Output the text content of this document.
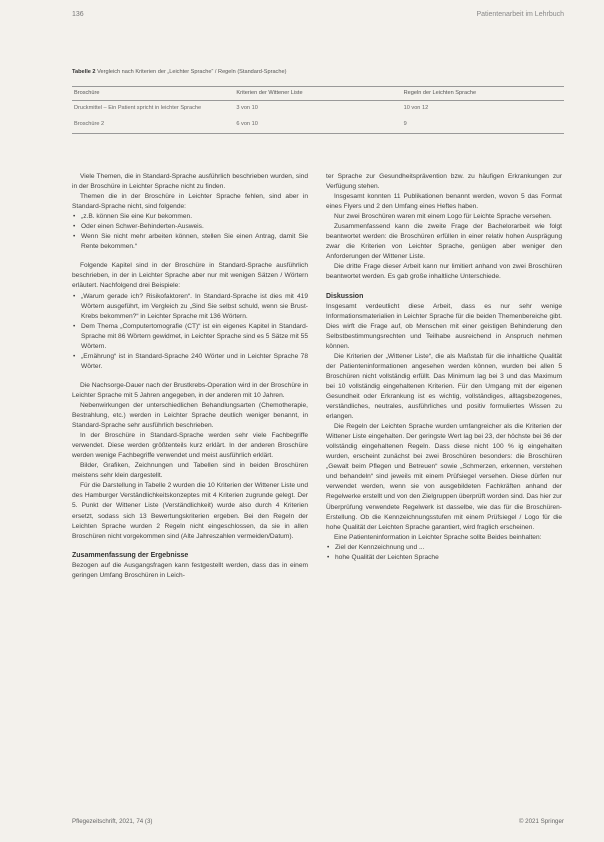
136	Patientenarbeit im Lehrbuch
Tabelle 2 Vergleich nach Kriterien der „Leichter Sprache“ / Regeln (Standard-Sprache)
Broschüre	Kriterien der Wittener Liste	Regeln der Leichten Sprache
Druckmittel – Ein Patient spricht in leichter Sprache	3 von 10	10 von 12
Broschüre 2	6 von 10	9

Viele Themen, die in Standard-Sprache ausführlich beschrieben wurden, sind in der Broschüre in Leichter Sprache nicht zu finden.

Themen die in der Broschüre in Leichter Sprache fehlen, sind aber in Standard-Sprache nicht, sind folgende:

• „z.B. können Sie eine Kur bekommen.
• Oder einen Schwer-Behinderten-Ausweis.
• Wenn Sie nicht mehr arbeiten können, stellen Sie einen Antrag, damit Sie Rente bekommen.“

Folgende Kapitel sind in der Broschüre in Standard-Sprache ausführlich beschrieben, in der in Leichter Sprache aber nur mit wenigen Sätzen / Wörtern erläutert. Nachfolgend drei Beispiele:

• „Warum gerade ich? Risikofaktoren“. In Standard-Sprache ist dies mit 419 Wörtern ausgeführt, im Vergleich zu „Sind Sie selbst schuld, wenn sie Brust-Krebs bekommen?“ in Leichter Sprache mit 136 Wörtern.
• Dem Thema „Computertomografie (CT)“ ist ein eigenes Kapitel in Standard-Sprache mit 86 Wörtern gewidmet, in Leichter Sprache sind es 5 Sätze mit 55 Wörtern.
• „Ernährung“ ist in Standard-Sprache 240 Wörter und in Leichter Sprache 78 Wörter.

Die Nachsorge-Dauer nach der Brustkrebs-Operation wird in der Broschüre in Leichter Sprache mit 5 Jahren angegeben, in der anderen mit 10 Jahren.

Nebenwirkungen der unterschiedlichen Behandlungsarten (Chemotherapie, Bestrahlung, etc.) werden in Leichter Sprache deutlich weniger benannt, in Standard-Sprache sehr ausführlich beschrieben.

In der Broschüre in Standard-Sprache werden sehr viele Fachbegriffe verwendet. Diese werden größtenteils kurz erklärt. In der anderen Broschüre werden wenige Fachbegriffe verwendet und meist ausführlich erklärt.

Bilder, Grafiken, Zeichnungen und Tabellen sind in beiden Broschüren meistens sehr klein dargestellt.

Für die Darstellung in Tabelle 2 wurden die 10 Kriterien der Wittener Liste und des Hamburger Verständlichkeitskonzeptes mit 4 Kriterien zugrunde gelegt. Der 5. Punkt der Wittener Liste (Verständlichkeit) wurde also durch 4 Kriterien ersetzt, sodass sich 13 Bewertungskriterien ergeben. Bei den Regeln der Leichten Sprache wurden 2 Regeln nicht eingeschlossen, da sie in allen Broschüren nicht vorgekommen sind (Alte Jahreszahlen vermeiden/Datum).

Zusammenfassung der Ergebnisse

Bezogen auf die Ausgangsfragen kann festgestellt werden, dass das in einem geringen Umfang Broschüren in Leich-

ter Sprache zur Gesundheitsprävention bzw. zu häufigen Erkrankungen zur Verfügung stehen.

Insgesamt konnten 11 Publikationen benannt werden, wovon 5 das Format eines Flyers und 2 den Umfang eines Heftes haben.

Nur zwei Broschüren waren mit einem Logo für Leichte Sprache versehen.

Zusammenfassend kann die zweite Frage der Bachelorarbeit wie folgt beantwortet werden: die Broschüren erfüllen in einer relativ hohen Ausprägung zwar die Kriterien von Leichter Sprache, genügen aber weniger den Anforderungen der Wittener Liste.

Die dritte Frage dieser Arbeit kann nur limitiert anhand von zwei Broschüren beantwortet werden. Es gab große inhaltliche Unterschiede.

Diskussion

Insgesamt verdeutlicht diese Arbeit, dass es nur sehr wenige Informationsmaterialien in Leichter Sprache für die beiden Themenbereiche gibt. Dies wirft die Frage auf, ob Menschen mit einer geistigen Behinderung den Selbstbestimmungsrechten und Teilhabe ausreichend in Anspruch nehmen können.

Die Kriterien der „Wittener Liste“, die als Maßstab für die inhaltliche Qualität der Patienteninformationen angesehen werden können, wurden bei allen 5 Broschüren nicht vollständig erfüllt. Das Minimum lag bei 3 und das Maximum bei 10 vollständig eingehaltenen Kriterien. Für den Umgang mit der eigenen Gesundheit oder Erkrankung ist es wichtig, vollständiges, alltagsbezogenes, verständliches, neutrales, ausführliches und positiv formuliertes Wissen zu erlangen.

Die Regeln der Leichten Sprache wurden umfangreicher als die Kriterien der Wittener Liste eingehalten. Der geringste Wert lag bei 23, der höchste bei 36 der vollständig eingehaltenen Regeln. Dass diese nicht 100 % ig eingehalten wurden, erscheint zunächst bei zwei Broschüren besonders: die Broschüren „Gewalt beim Pflegen und Betreuen“ sowie „Schmerzen, erkennen, verstehen und behandeln“ sind jeweils mit einem Prüfsiegel versehen. Diese dürfen nur verwendet werden, wenn sie von ausgebildeten Fachkräften anhand der Regelwerke erstellt und von den Zielgruppen überprüft worden sind. Das hier zur Überprüfung verwendete Regelwerk ist dasselbe, wie das für die Broschüren-Erstellung. Ob die Kennzeichnungsstufen mit einem Prüfsiegel / Logo für die hohe Qualität der Leichten Sprache garantiert, wird fraglich erscheinen.

Eine Patienteninformation in Leichter Sprache sollte Beides beinhalten:

• Ziel der Kennzeichnung und ...
• hohe Qualität der Leichten Sprache
Pflegezeitschrift, 2021, 74 (3)	© 2021 Springer
